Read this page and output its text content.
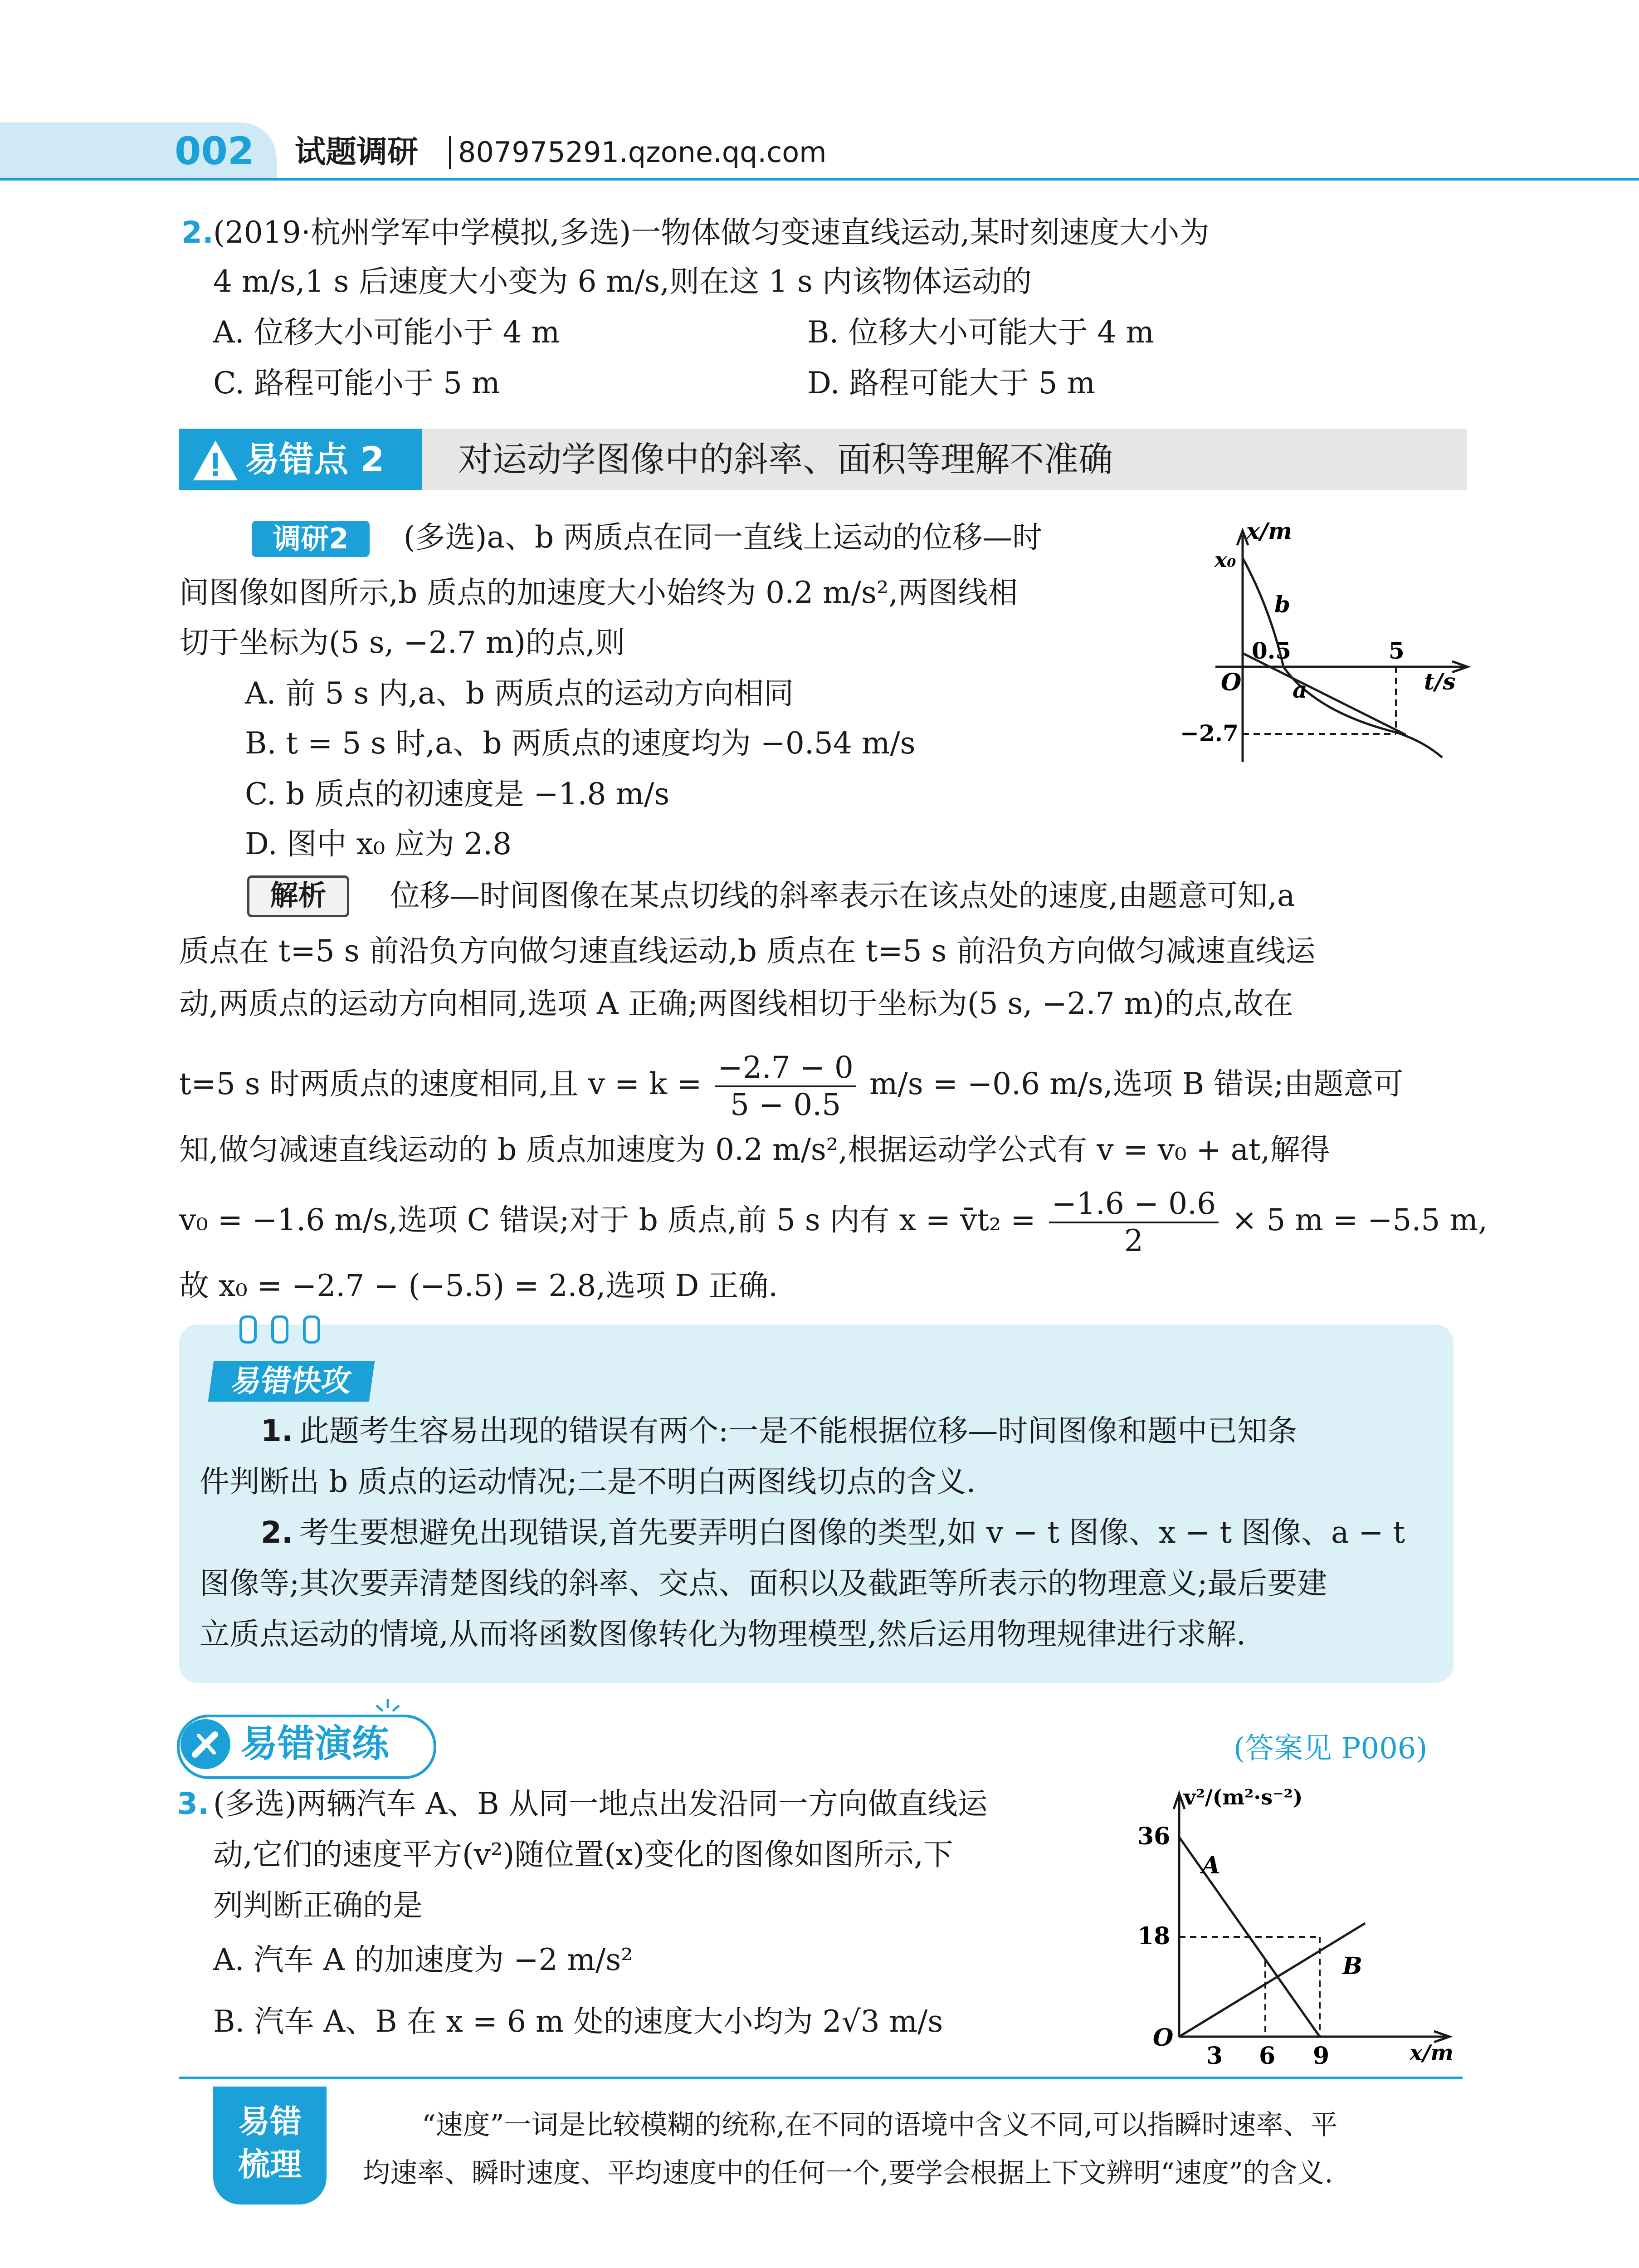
002 试题调研 807975291.qzone.qq.com
2. (2019·杭州学军中学模拟,多选)一物体做匀变速直线运动,某时刻速度大小为
4 m/s,1 s 后速度大小变为 6 m/s,则在这 1 s 内该物体运动的
A. 位移大小可能小于 4 m	B. 位移大小可能大于 4 m
C. 路程可能小于 5 m	D. 路程可能大于 5 m
易错点 2 对运动学图像中的斜率、面积等理解不准确
调研2	(多选)a、b 两质点在同一直线上运动的位移—时
间图像如图所示,b 质点的加速度大小始终为 0.2 m/s²,两图线相
切于坐标为(5 s, −2.7 m)的点,则
A. 前 5 s 内,a、b 两质点的运动方向相同
B. t = 5 s 时,a、b 两质点的速度均为 −0.54 m/s
C. b 质点的初速度是 −1.8 m/s
D. 图中 x₀ 应为 2.8
x/m
t/s
O
x₀
b
a
0.5	5
−2.7
解析	位移—时间图像在某点切线的斜率表示在该点处的速度,由题意可知,a
质点在 t=5 s 前沿负方向做匀速直线运动,b 质点在 t=5 s 前沿负方向做匀减速直线运
动,两质点的运动方向相同,选项 A 正确;两图线相切于坐标为(5 s, −2.7 m)的点,故在
t=5 s 时两质点的速度相同,且 $v = k = \frac{-2.7 - 0}{5 - 0.5} m/s = -0.6$ m/s,选项 B 错误;由题意可
知,做匀减速直线运动的 b 质点加速度为 0.2 m/s²,根据运动学公式有 v = v₀ + at,解得
v₀ = −1.6 m/s,选项 C 错误;对于 b 质点,前 5 s 内有 x = v̄t₂ = $\frac{-1.6 - 0.6}{2} \times 5$ m = −5.5 m,
故 x₀ = −2.7 − (−5.5) = 2.8,选项 D 正确.
易错快攻
1. 此题考生容易出现的错误有两个:一是不能根据位移—时间图像和题中已知条
件判断出 b 质点的运动情况;二是不明白两图线切点的含义.
2. 考生要想避免出现错误,首先要弄明白图像的类型,如 v − t 图像、x − t 图像、a − t
图像等;其次要弄清楚图线的斜率、交点、面积以及截距等所表示的物理意义;最后要建
立质点运动的情境,从而将函数图像转化为物理模型,然后运用物理规律进行求解.
易错演练	(答案见 P006)
3. (多选)两辆汽车 A、B 从同一地点出发沿同一方向做直线运
动,它们的速度平方(v²)随位置(x)变化的图像如图所示,下
列判断正确的是
A. 汽车 A 的加速度为 −2 m/s²
B. 汽车 A、B 在 x = 6 m 处的速度大小均为 2√3 m/s
v²/(m²·s⁻²)
x/m
O
36
18
3 6 9
A
B
易错
梳理
“速度”一词是比较模糊的统称,在不同的语境中含义不同,可以指瞬时速率、平
均速率、瞬时速度、平均速度中的任何一个,要学会根据上下文辨明“速度”的含义.
